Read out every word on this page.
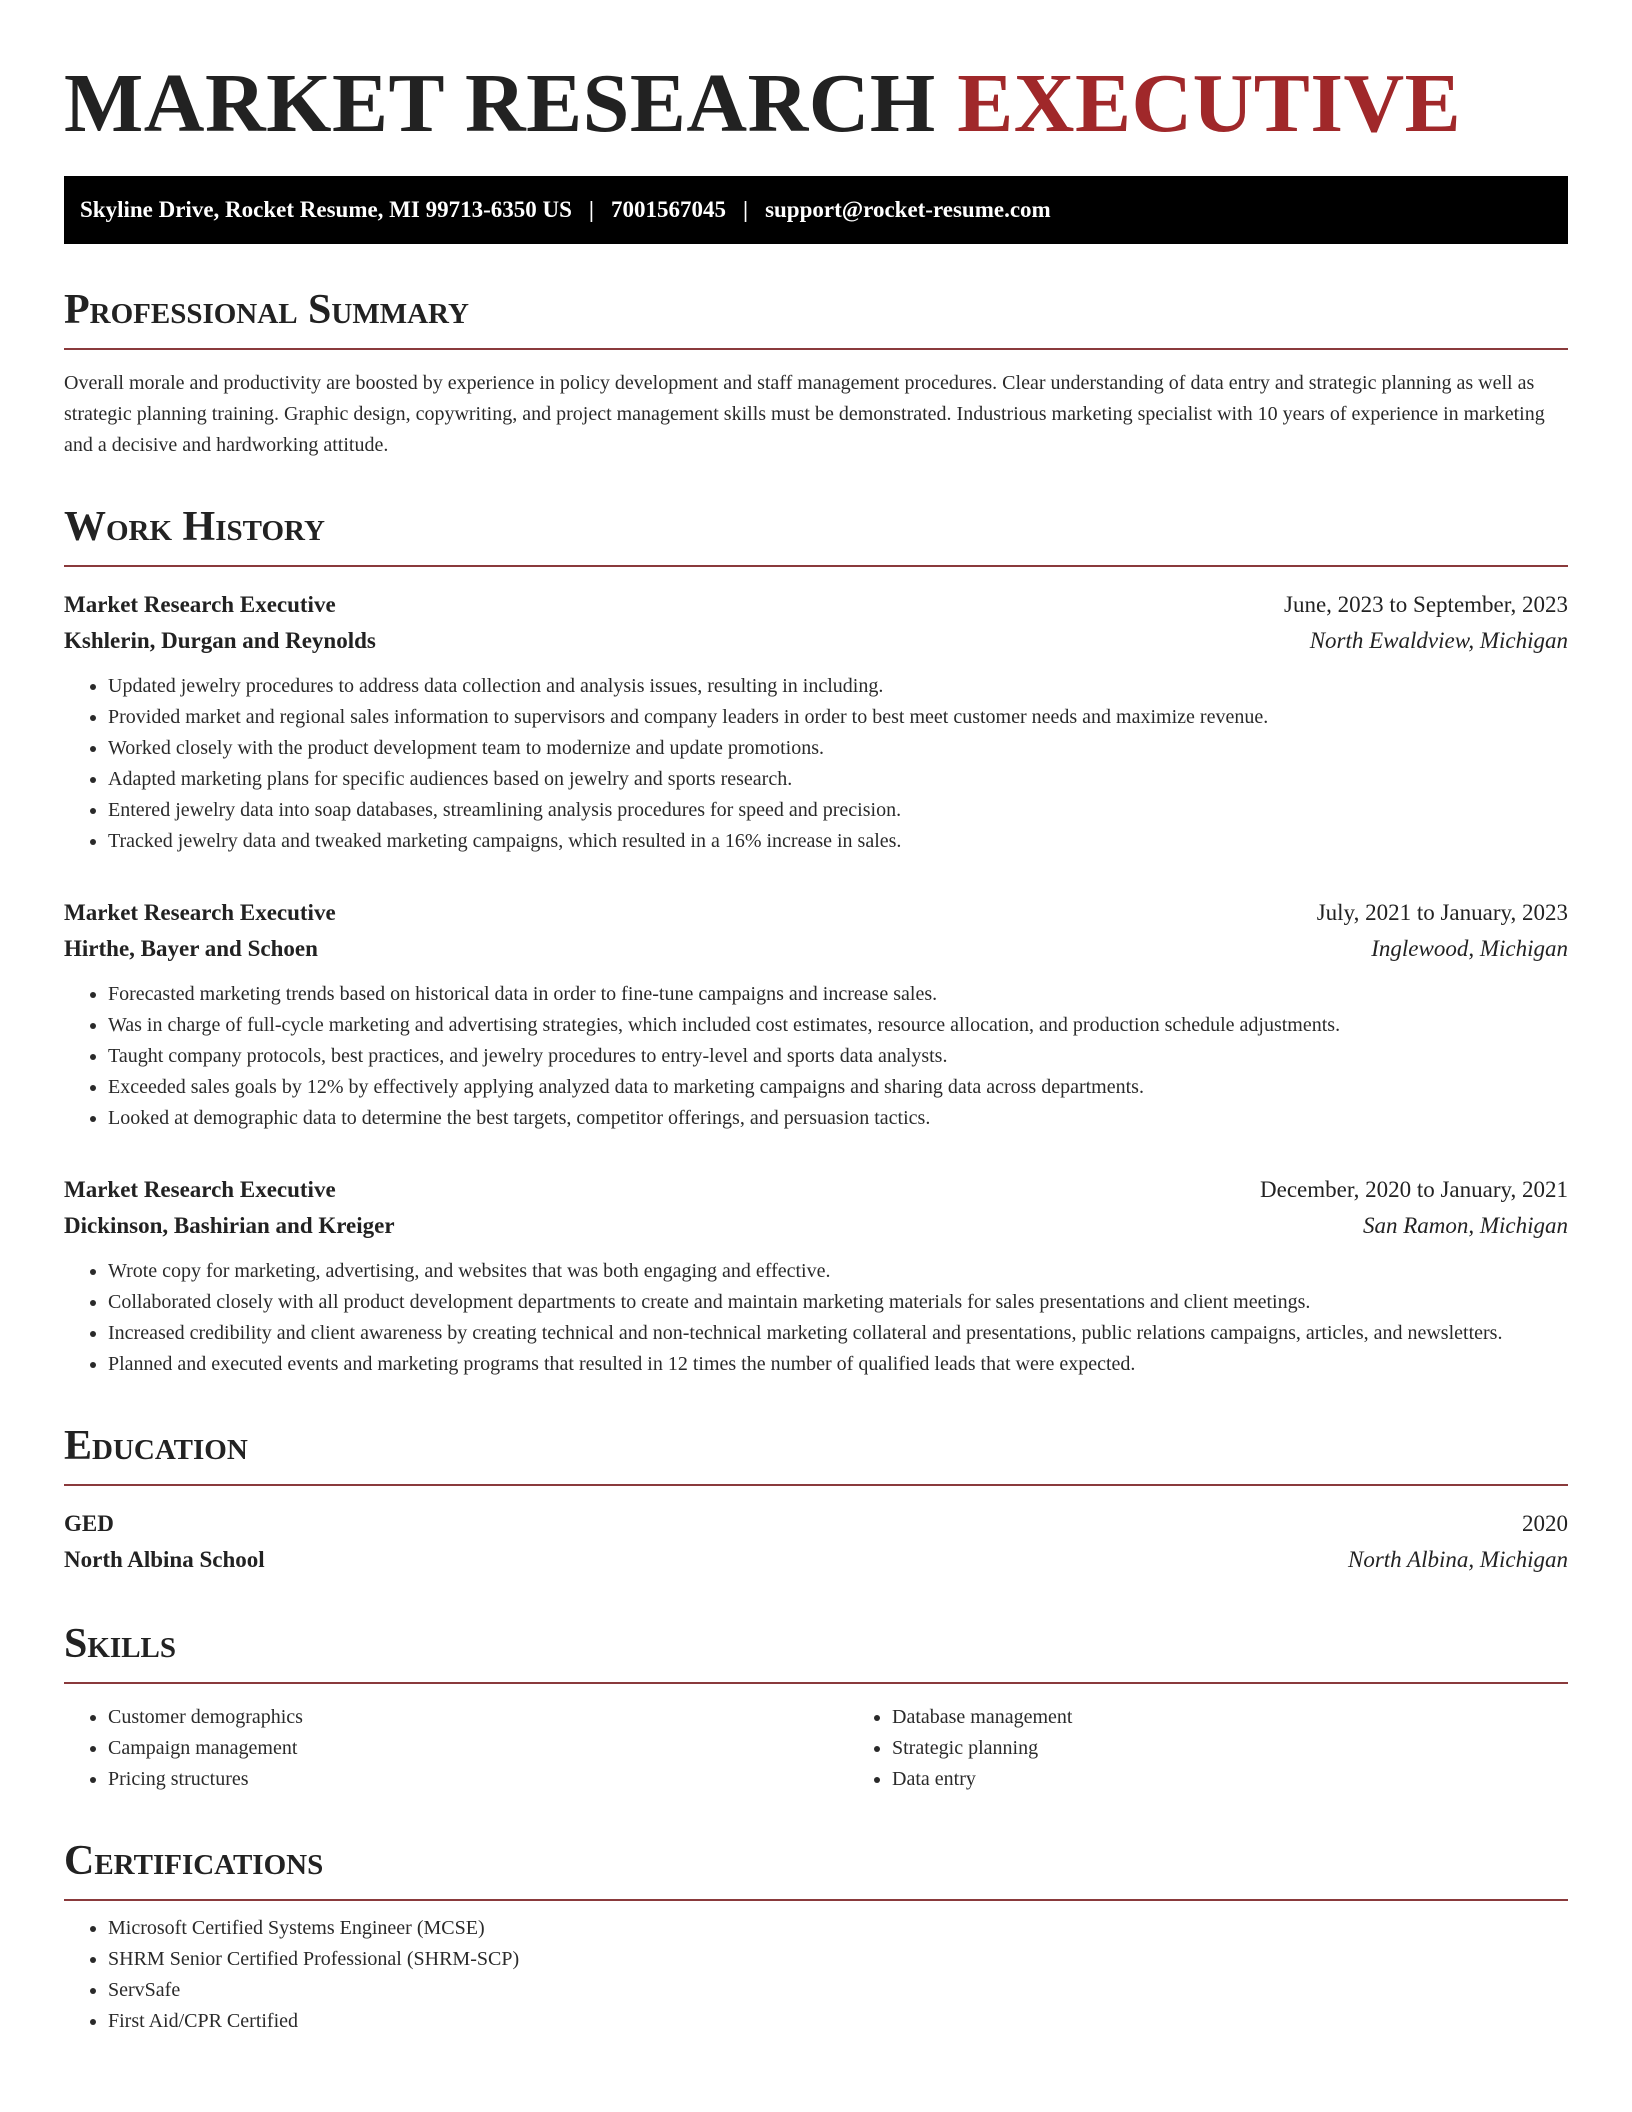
MARKET RESEARCH EXECUTIVE
Skyline Drive, Rocket Resume, MI 99713-6350 US | 7001567045 | support@rocket-resume.com
Professional Summary

Overall morale and productivity are boosted by experience in policy development and staff management procedures. Clear understanding of data entry and strategic planning as well as strategic planning training. Graphic design, copywriting, and project management skills must be demonstrated. Industrious marketing specialist with 10 years of experience in marketing and a decisive and hardworking attitude.

Work History
Market Research Executive	June, 2023 to September, 2023
Kshlerin, Durgan and Reynolds	North Ewaldview, Michigan
• Updated jewelry procedures to address data collection and analysis issues, resulting in including.
• Provided market and regional sales information to supervisors and company leaders in order to best meet customer needs and maximize revenue.
• Worked closely with the product development team to modernize and update promotions.
• Adapted marketing plans for specific audiences based on jewelry and sports research.
• Entered jewelry data into soap databases, streamlining analysis procedures for speed and precision.
• Tracked jewelry data and tweaked marketing campaigns, which resulted in a 16% increase in sales.
Market Research Executive	July, 2021 to January, 2023
Hirthe, Bayer and Schoen	Inglewood, Michigan
• Forecasted marketing trends based on historical data in order to fine-tune campaigns and increase sales.
• Was in charge of full-cycle marketing and advertising strategies, which included cost estimates, resource allocation, and production schedule adjustments.
• Taught company protocols, best practices, and jewelry procedures to entry-level and sports data analysts.
• Exceeded sales goals by 12% by effectively applying analyzed data to marketing campaigns and sharing data across departments.
• Looked at demographic data to determine the best targets, competitor offerings, and persuasion tactics.
Market Research Executive	December, 2020 to January, 2021
Dickinson, Bashirian and Kreiger	San Ramon, Michigan
• Wrote copy for marketing, advertising, and websites that was both engaging and effective.
• Collaborated closely with all product development departments to create and maintain marketing materials for sales presentations and client meetings.
• Increased credibility and client awareness by creating technical and non-technical marketing collateral and presentations, public relations campaigns, articles, and newsletters.
• Planned and executed events and marketing programs that resulted in 12 times the number of qualified leads that were expected.
Education
GED	2020
North Albina School	North Albina, Michigan
Skills
• Customer demographics
• Campaign management
• Pricing structures
• Database management
• Strategic planning
• Data entry
Certifications
• Microsoft Certified Systems Engineer (MCSE)
• SHRM Senior Certified Professional (SHRM-SCP)
• ServSafe
• First Aid/CPR Certified
